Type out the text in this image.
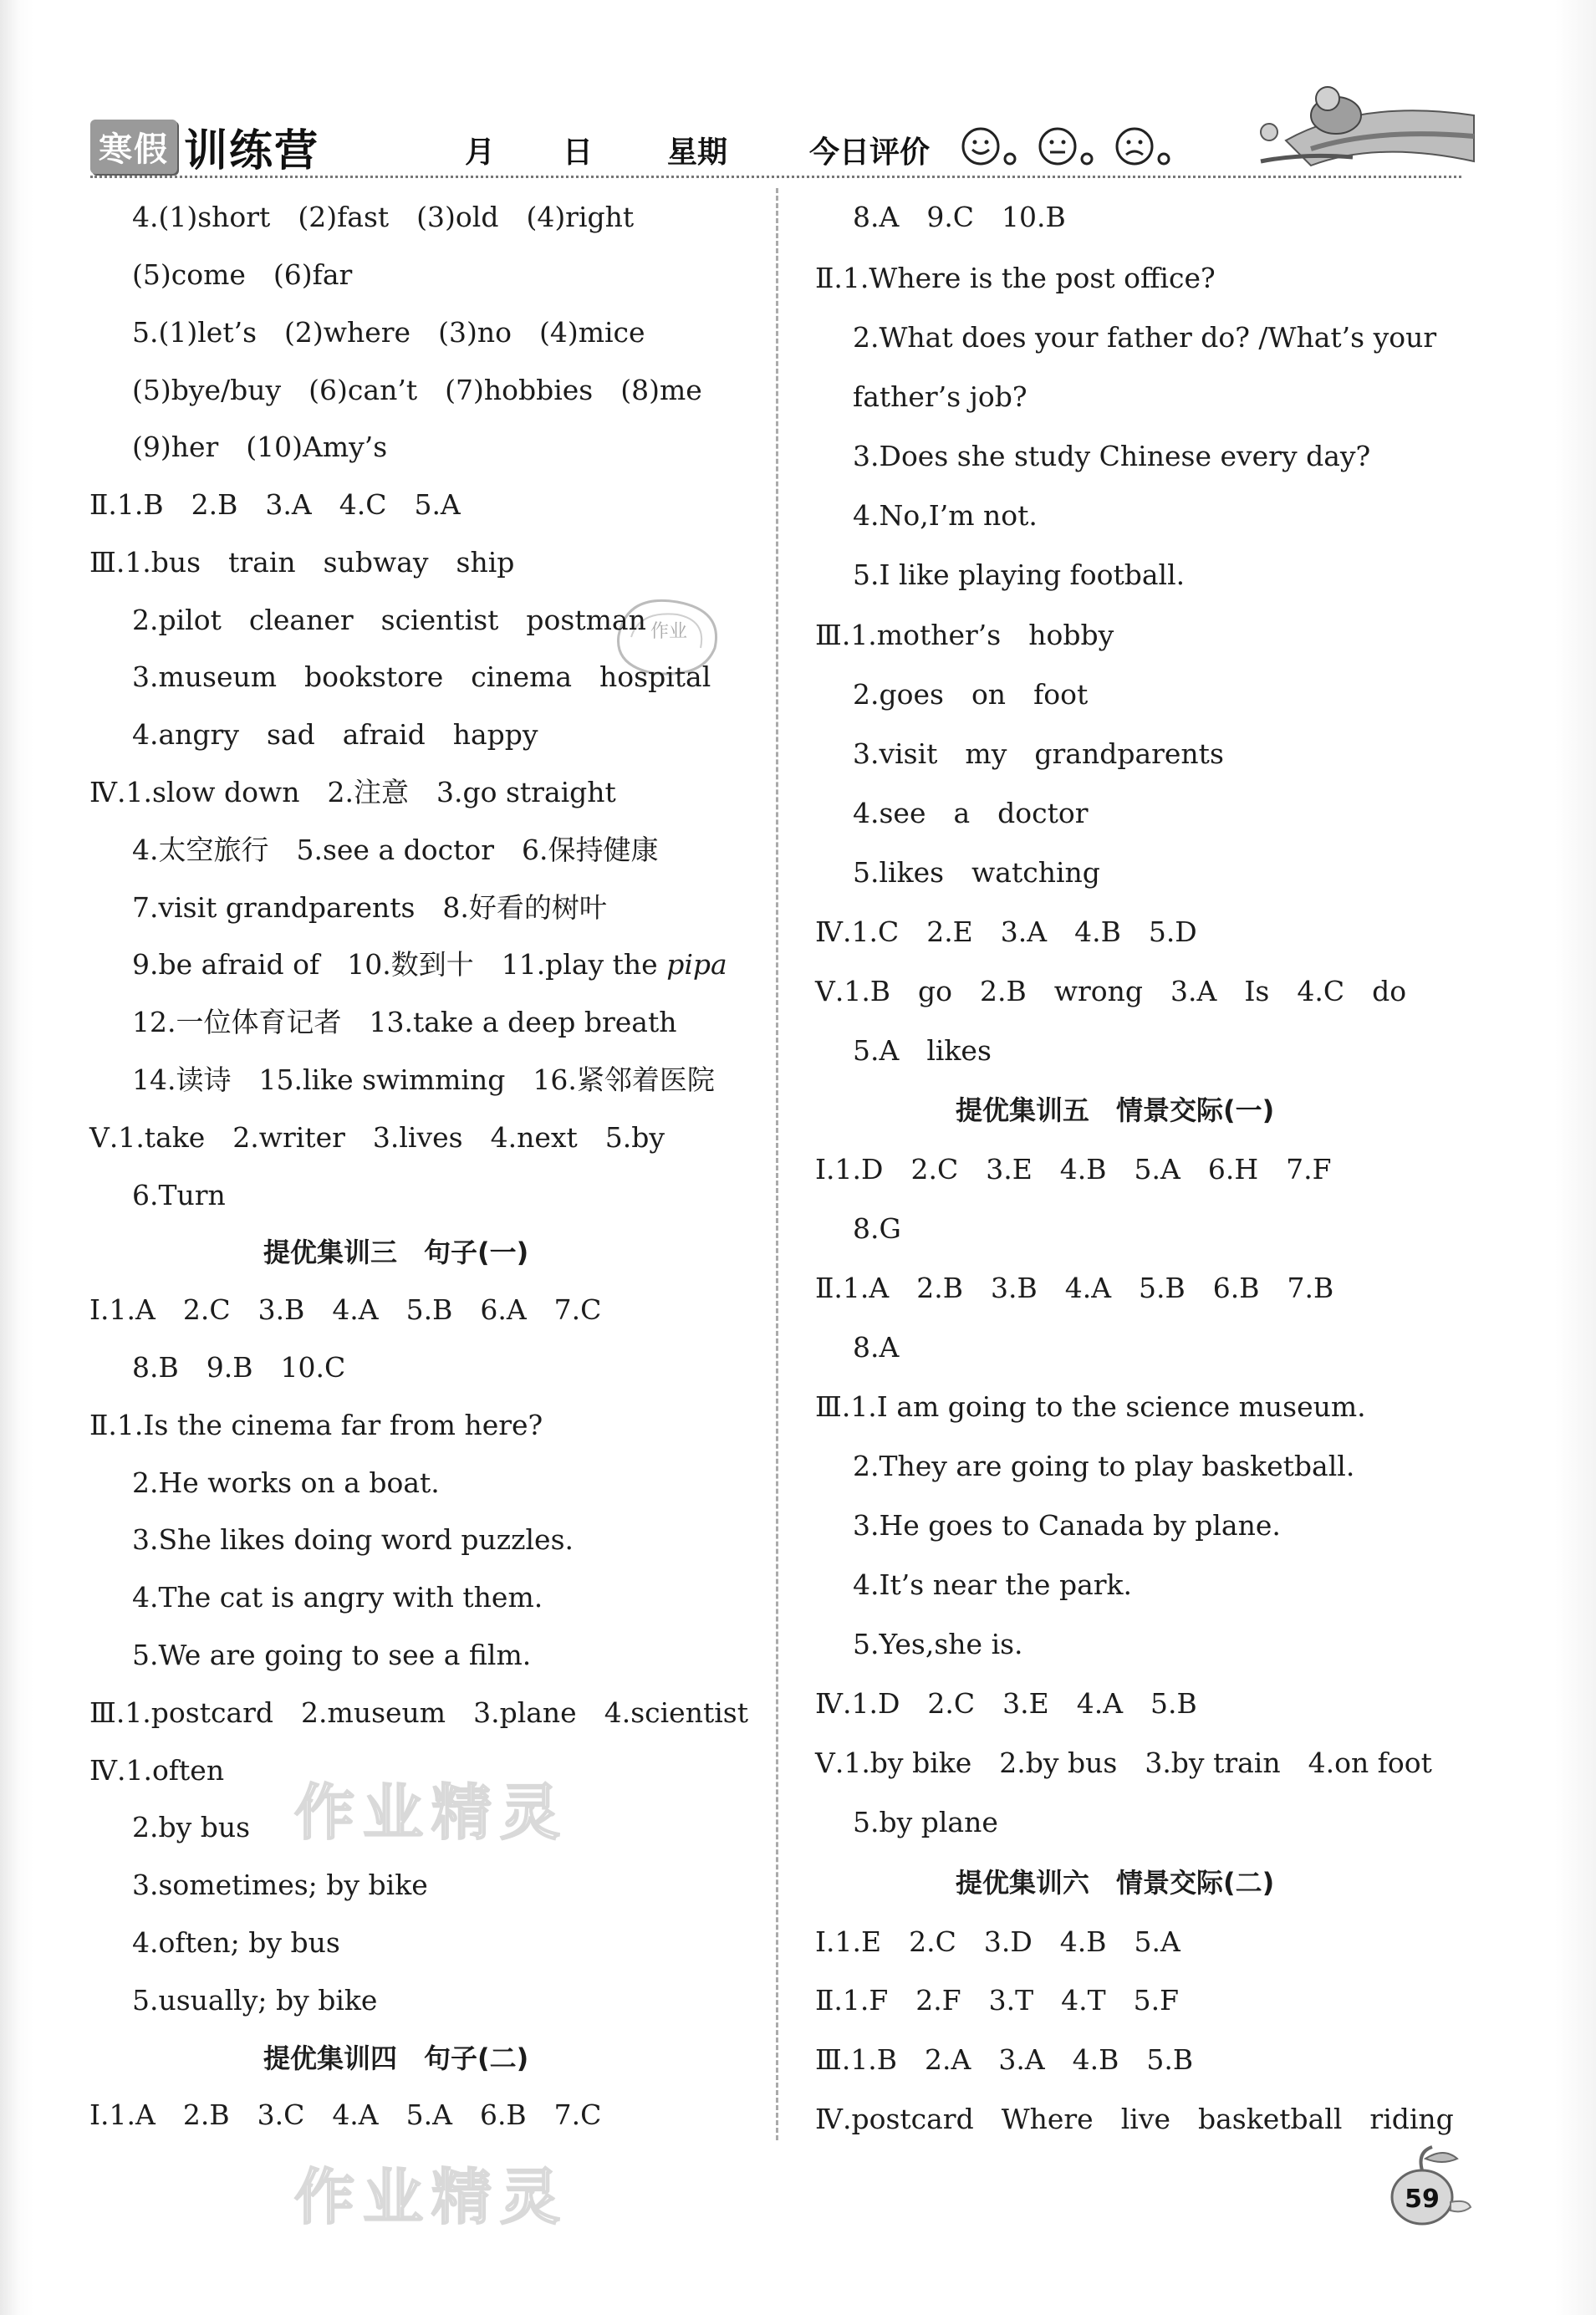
寒假 训练营	月 日 星期	今日评价
作业
作业精灵
作业精灵
4.(1)short　(2)fast　(3)old　(4)right
(5)come　(6)far
5.(1)let’s　(2)where　(3)no　(4)mice
(5)bye/buy　(6)can’t　(7)hobbies　(8)me
(9)her　(10)Amy’s
Ⅱ.1.B　2.B　3.A　4.C　5.A
Ⅲ.1.bus　train　subway　ship
2.pilot　cleaner　scientist　postman
3.museum　bookstore　cinema　hospital
4.angry　sad　afraid　happy
Ⅳ.1.slow down　2.注意　3.go straight
4.太空旅行　5.see a doctor　6.保持健康
7.visit grandparents　8.好看的树叶
9.be afraid of　10.数到十　11.play the pipa
12.一位体育记者　13.take a deep breath
14.读诗　15.like swimming　16.紧邻着医院
Ⅴ.1.take　2.writer　3.lives　4.next　5.by
6.Turn
提优集训三　句子(一)
Ⅰ.1.A　2.C　3.B　4.A　5.B　6.A　7.C
8.B　9.B　10.C
Ⅱ.1.Is the cinema far from here?
2.He works on a boat.
3.She likes doing word puzzles.
4.The cat is angry with them.
5.We are going to see a film.
Ⅲ.1.postcard　2.museum　3.plane　4.scientist
Ⅳ.1.often
2.by bus
3.sometimes; by bike
4.often; by bus
5.usually; by bike
提优集训四　句子(二)
Ⅰ.1.A　2.B　3.C　4.A　5.A　6.B　7.C
8.A　9.C　10.B
Ⅱ.1.Where is the post office?
2.What does your father do? /What’s your
father’s job?
3.Does she study Chinese every day?
4.No,I’m not.
5.I like playing football.
Ⅲ.1.mother’s　hobby
2.goes　on　foot
3.visit　my　grandparents
4.see　a　doctor
5.likes　watching
Ⅳ.1.C　2.E　3.A　4.B　5.D
Ⅴ.1.B　go　2.B　wrong　3.A　Is　4.C　do
5.A　likes
提优集训五　情景交际(一)
Ⅰ.1.D　2.C　3.E　4.B　5.A　6.H　7.F
8.G
Ⅱ.1.A　2.B　3.B　4.A　5.B　6.B　7.B
8.A
Ⅲ.1.I am going to the science museum.
2.They are going to play basketball.
3.He goes to Canada by plane.
4.It’s near the park.
5.Yes,she is.
Ⅳ.1.D　2.C　3.E　4.A　5.B
Ⅴ.1.by bike　2.by bus　3.by train　4.on foot
5.by plane
提优集训六　情景交际(二)
Ⅰ.1.E　2.C　3.D　4.B　5.A
Ⅱ.1.F　2.F　3.T　4.T　5.F
Ⅲ.1.B　2.A　3.A　4.B　5.B
Ⅳ.postcard　Where　live　basketball　riding
59
